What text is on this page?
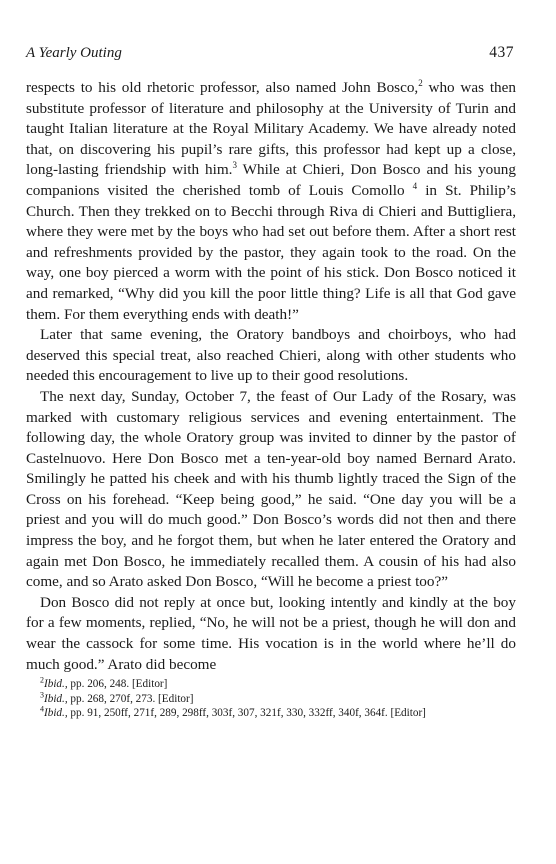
A Yearly Outing	437

respects to his old rhetoric professor, also named John Bosco,$^2$ who was then substitute professor of literature and philosophy at the University of Turin and taught Italian literature at the Royal Military Academy. We have already noted that, on discovering his pupil’s rare gifts, this professor had kept up a close, long-lasting friendship with him.$^3$ While at Chieri, Don Bosco and his young companions visited the cherished tomb of Louis Comollo $^4$ in St. Philip’s Church. Then they trekked on to Becchi through Riva di Chieri and Buttigliera, where they were met by the boys who had set out before them. After a short rest and refreshments provided by the pastor, they again took to the road. On the way, one boy pierced a worm with the point of his stick. Don Bosco noticed it and remarked, “Why did you kill the poor little thing? Life is all that God gave them. For them everything ends with death!”

Later that same evening, the Oratory bandboys and choirboys, who had deserved this special treat, also reached Chieri, along with other students who needed this encouragement to live up to their good resolutions.

The next day, Sunday, October 7, the feast of Our Lady of the Rosary, was marked with customary religious services and evening entertainment. The following day, the whole Oratory group was invited to dinner by the pastor of Castelnuovo. Here Don Bosco met a ten-year-old boy named Bernard Arato. Smilingly he patted his cheek and with his thumb lightly traced the Sign of the Cross on his forehead. “Keep being good,” he said. “One day you will be a priest and you will do much good.” Don Bosco’s words did not then and there impress the boy, and he forgot them, but when he later entered the Oratory and again met Don Bosco, he immediately recalled them. A cousin of his had also come, and so Arato asked Don Bosco, “Will he become a priest too?”

Don Bosco did not reply at once but, looking intently and kindly at the boy for a few moments, replied, “No, he will not be a priest, though he will don and wear the cassock for some time. His vocation is in the world where he’ll do much good.” Arato did become

$^2$Ibid., pp. 206, 248. [Editor]

$^3$Ibid., pp. 268, 270f, 273. [Editor]

$^4$Ibid., pp. 91, 250ff, 271f, 289, 298ff, 303f, 307, 321f, 330, 332ff, 340f, 364f. [Editor]
